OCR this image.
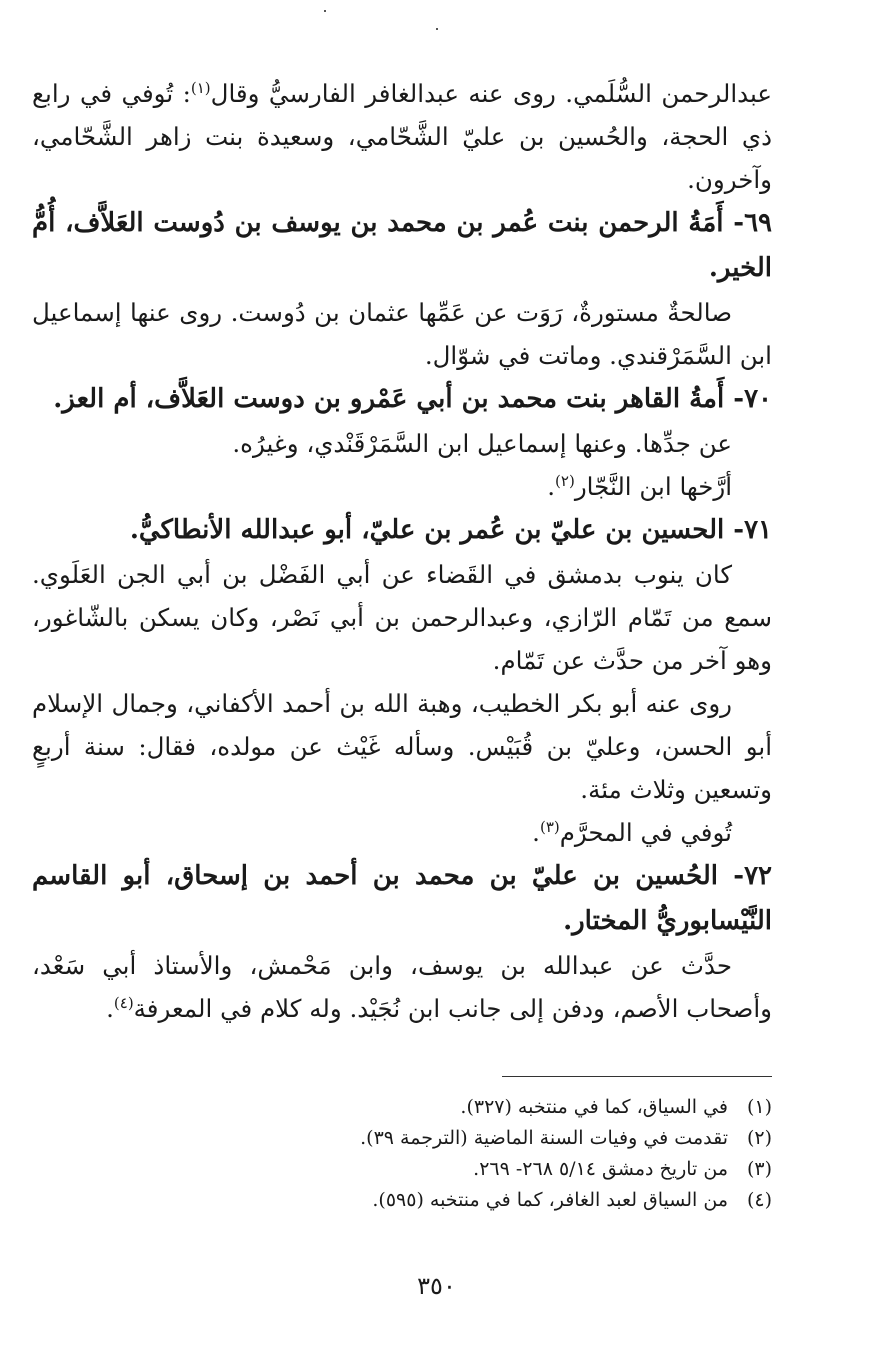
عبدالرحمن السُّلَمي. روى عنه عبدالغافر الفارسيُّ وقال$^{(١)}$: تُوفي في رابع ذي الحجة، والحُسين بن عليّ الشَّحّامي، وسعيدة بنت زاهر الشَّحّامي، وآخرون.

٦٩- أَمَةُ الرحمن بنت عُمر بن محمد بن يوسف بن دُوست العَلاَّف، أُمُّ الخير.

صالحةٌ مستورةٌ، رَوَت عن عَمِّها عثمان بن دُوست. روى عنها إسماعيل ابن السَّمَرْقندي. وماتت في شوّال.

٧٠- أَمةُ القاهر بنت محمد بن أبي عَمْرو بن دوست العَلاَّف، أم العز.

عن جدِّها. وعنها إسماعيل ابن السَّمَرْقَنْدي، وغيرُه.

أرَّخها ابن النَّجّار$^{(٢)}$.

٧١- الحسين بن عليّ بن عُمر بن عليّ، أبو عبدالله الأنطاكيُّ.

كان ينوب بدمشق في القَضاء عن أبي الفَضْل بن أبي الجن العَلَوي. سمع من تَمّام الرّازي، وعبدالرحمن بن أبي نَصْر، وكان يسكن بالشّاغور، وهو آخر من حدَّث عن تَمّام.

روى عنه أبو بكر الخطيب، وهبة الله بن أحمد الأكفاني، وجمال الإسلام أبو الحسن، وعليّ بن قُبَيْس. وسأله غَيْث عن مولده، فقال: سنة أربعٍ وتسعين وثلاث مئة.

تُوفي في المحرَّم$^{(٣)}$.

٧٢- الحُسين بن عليّ بن محمد بن أحمد بن إسحاق، أبو القاسم النَّيْسابوريُّ المختار.

حدَّث عن عبدالله بن يوسف، وابن مَحْمش، والأستاذ أبي سَعْد، وأصحاب الأصم، ودفن إلى جانب ابن نُجَيْد. وله كلام في المعرفة$^{(٤)}$.

(١)
في السياق، كما في منتخبه (٣٢٧).
(٢)
تقدمت في وفيات السنة الماضية (الترجمة ٣٩).
(٣)
من تاريخ دمشق ٥/١٤ ٢٦٨- ٢٦٩.
(٤)
من السياق لعبد الغافر، كما في منتخبه (٥٩٥).
٣٥٠
